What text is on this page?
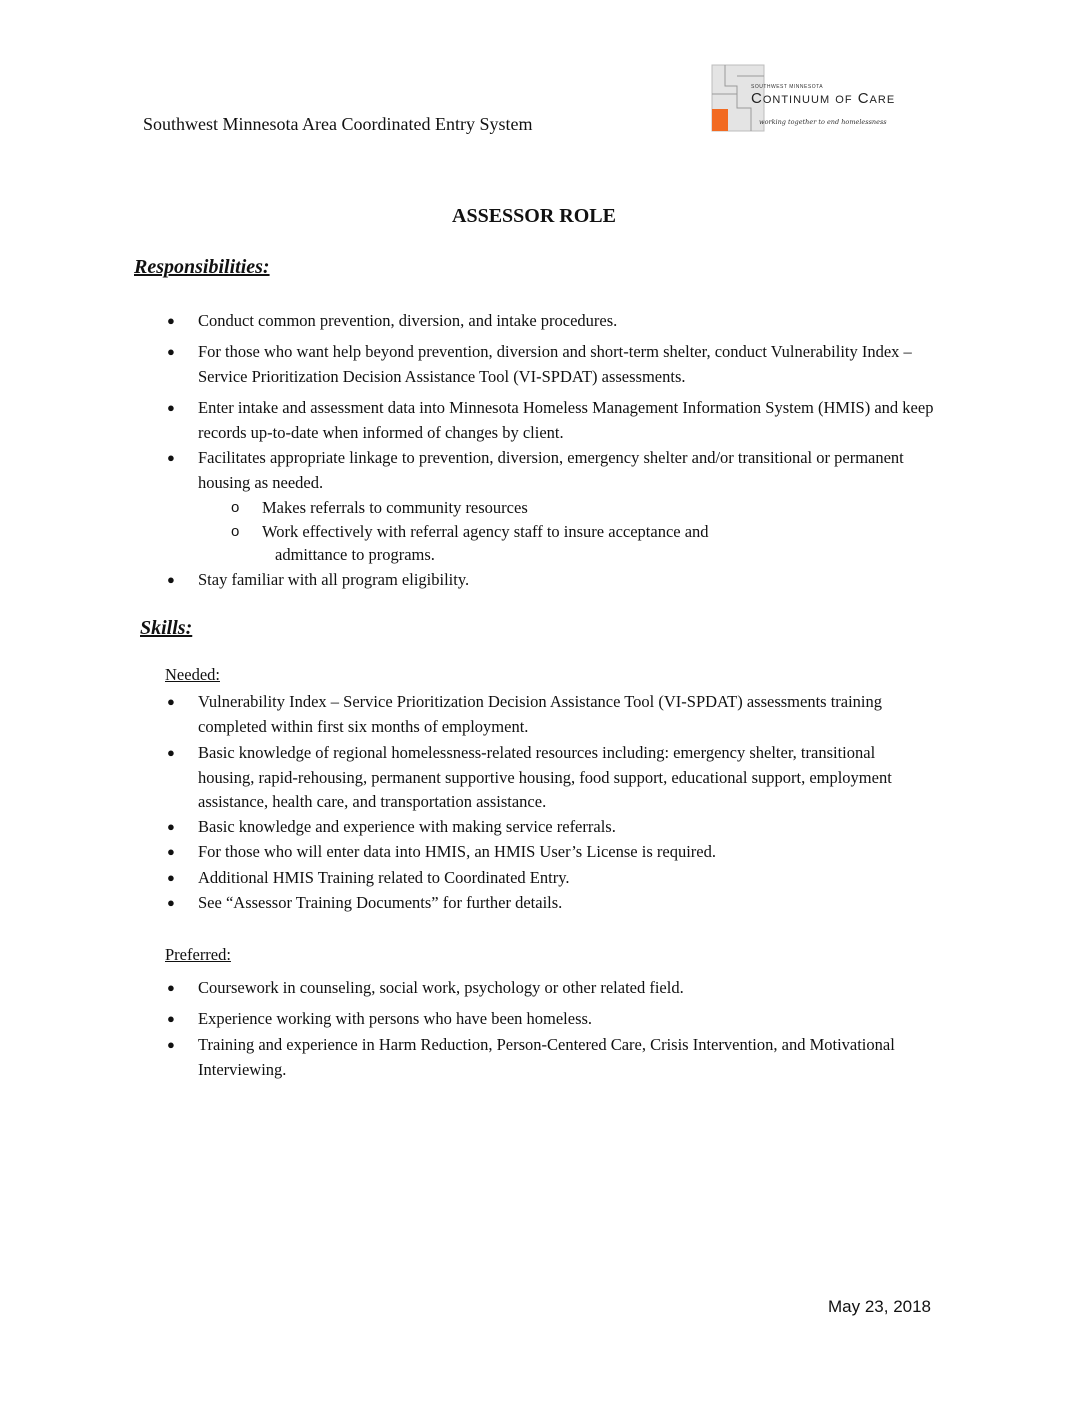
Southwest Minnesota Area Coordinated Entry System
SOUTHWEST MINNESOTA
Continuum of Care
working together to end homelessness
ASSESSOR ROLE
Responsibilities:
● Conduct common prevention, diversion, and intake procedures.
● For those who want help beyond prevention, diversion and short-term shelter, conduct Vulnerability Index – Service Prioritization Decision Assistance Tool (VI-SPDAT) assessments.
● Enter intake and assessment data into Minnesota Homeless Management Information System (HMIS) and keep records up-to-date when informed of changes by client.
● Facilitates appropriate linkage to prevention, diversion, emergency shelter and/or transitional or permanent housing as needed.
o Makes referrals to community resources
o Work effectively with referral agency staff to insure acceptance and
admittance to programs.
● Stay familiar with all program eligibility.
Skills:
Needed:
● Vulnerability Index – Service Prioritization Decision Assistance Tool (VI-SPDAT) assessments training completed within first six months of employment.
● Basic knowledge of regional homelessness-related resources including: emergency shelter, transitional housing, rapid-rehousing, permanent supportive housing, food support, educational support, employment assistance, health care, and transportation assistance.
● Basic knowledge and experience with making service referrals.
● For those who will enter data into HMIS, an HMIS User’s License is required.
● Additional HMIS Training related to Coordinated Entry.
● See “Assessor Training Documents” for further details.
Preferred:
● Coursework in counseling, social work, psychology or other related field.
● Experience working with persons who have been homeless.
● Training and experience in Harm Reduction, Person-Centered Care, Crisis Intervention, and Motivational Interviewing.
May 23, 2018
